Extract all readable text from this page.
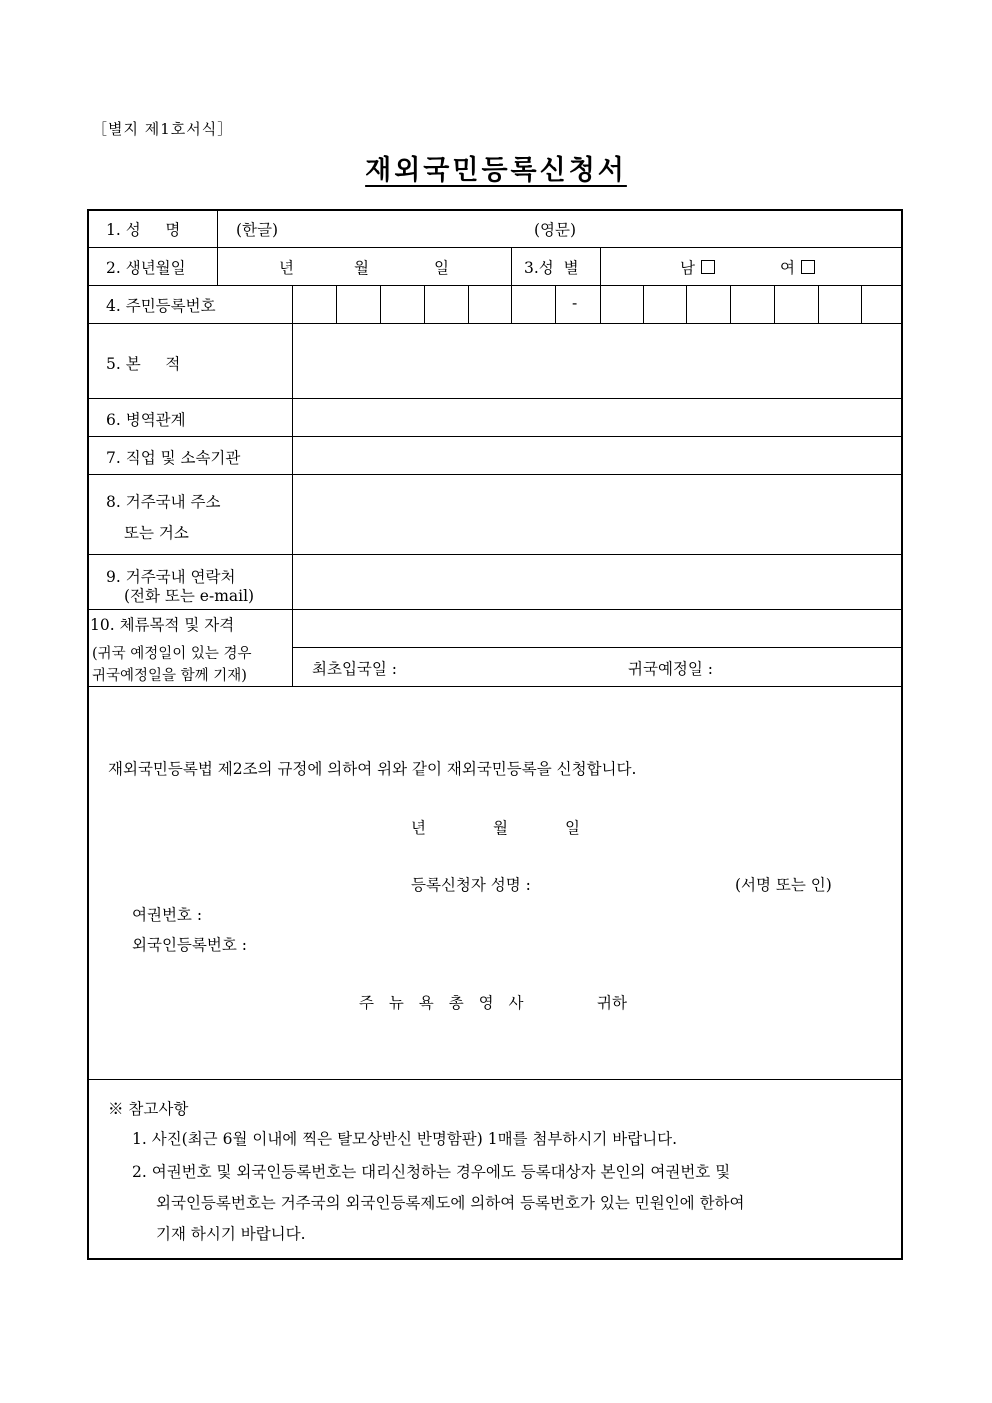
［별지 제1호서식］
재외국민등록신청서
1. 성     명	(한글)	(영문)
2. 생년월일	년	월	일	3.성  별	남	여
4. 주민등록번호	-
5. 본     적
6. 병역관계
7. 직업 및 소속기관
8. 거주국내 주소
또는 거소
9. 거주국내 연락처
(전화 또는 e-mail)
10. 체류목적 및 자격
(귀국 예정일이 있는 경우
귀국예정일을 함께 기재)	최초입국일 :	귀국예정일 :
재외국민등록법 제2조의 규정에 의하여 위와 같이 재외국민등록을 신청합니다.
년	월	일
등록신청자 성명 :	(서명 또는 인)
여권번호 :
외국인등록번호 :
주 뉴 욕 총 영 사	귀하
※ 참고사항
1. 사진(최근 6월 이내에 찍은 탈모상반신 반명함판) 1매를 첨부하시기 바랍니다.
2. 여권번호 및 외국인등록번호는 대리신청하는 경우에도 등록대상자 본인의 여권번호 및
외국인등록번호는 거주국의 외국인등록제도에 의하여 등록번호가 있는 민원인에 한하여
기재 하시기 바랍니다.
